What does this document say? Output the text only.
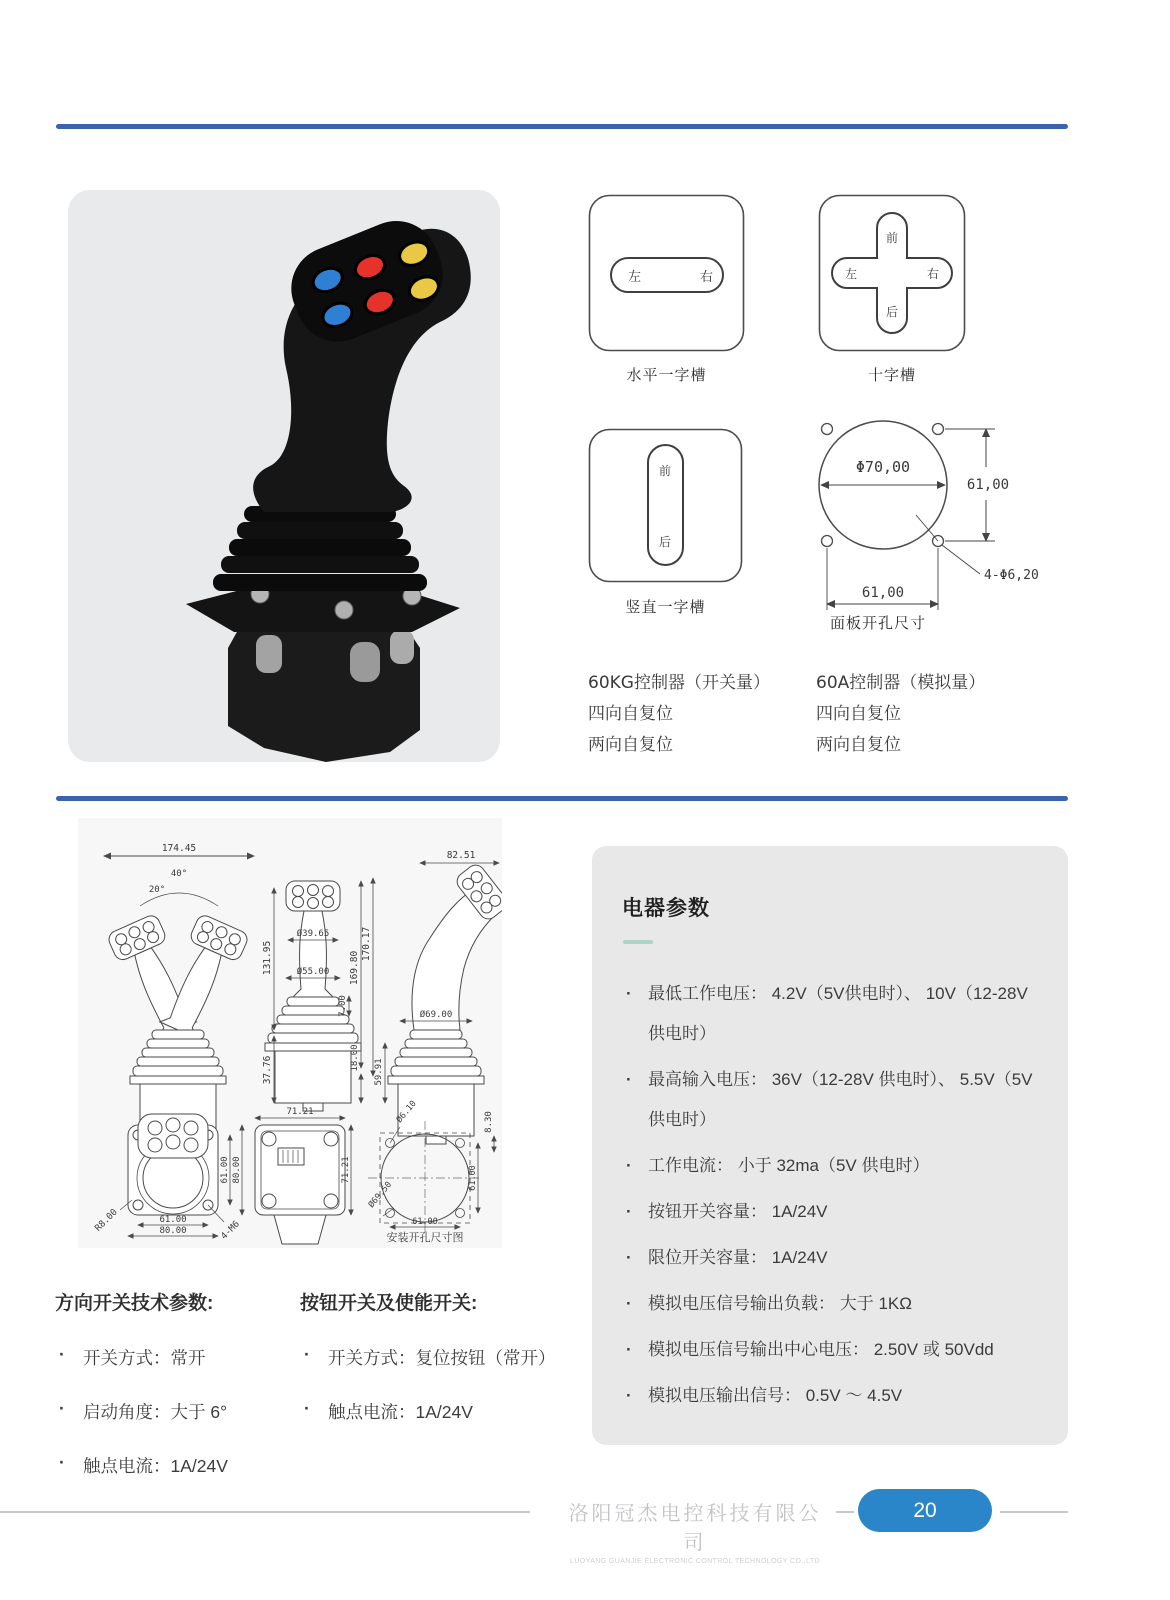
左	右
前
左	右
后
水平一字槽	十字槽
前
后
Φ70,00
61,00
61,00
4-Φ6,20
竖直一字槽
面板开孔尺寸
60KG控制器（开关量）
四向自复位
两向自复位
60A控制器（模拟量）
四向自复位
两向自复位
174.45
40°
20°
Ø39.65
Ø55.00
131.95
37.76
169.80
170.17
7.00
18.00
59.91
82.51
Ø69.00
8.30
61.00 80.00
61.00
80.00
R8.00	4-M6
71.21
71.21
Ø6.10
Ø69.50
61.00
61.00
安装开孔尺寸图
方向开关技术参数:
· 开关方式：常开
· 启动角度：大于 6°
· 触点电流：1A/24V
按钮开关及使能开关:
· 开关方式：复位按钮（常开）
· 触点电流：1A/24V
电器参数
· 最低工作电压： 4.2V（5V供电时）、 10V（12-28V 供电时）
· 最高输入电压： 36V（12-28V 供电时）、 5.5V（5V供电时）
· 工作电流： 小于 32ma（5V 供电时）
· 按钮开关容量： 1A/24V
· 限位开关容量： 1A/24V
· 模拟电压信号输出负载： 大于 1KΩ
· 模拟电压信号输出中心电压： 2.50V 或 50Vdd
· 模拟电压输出信号： 0.5V ～ 4.5V
洛阳冠杰电控科技有限公司
LUOYANG GUANJIE ELECTRONIC CONTROL TECHNOLOGY CO.,LTD
20
